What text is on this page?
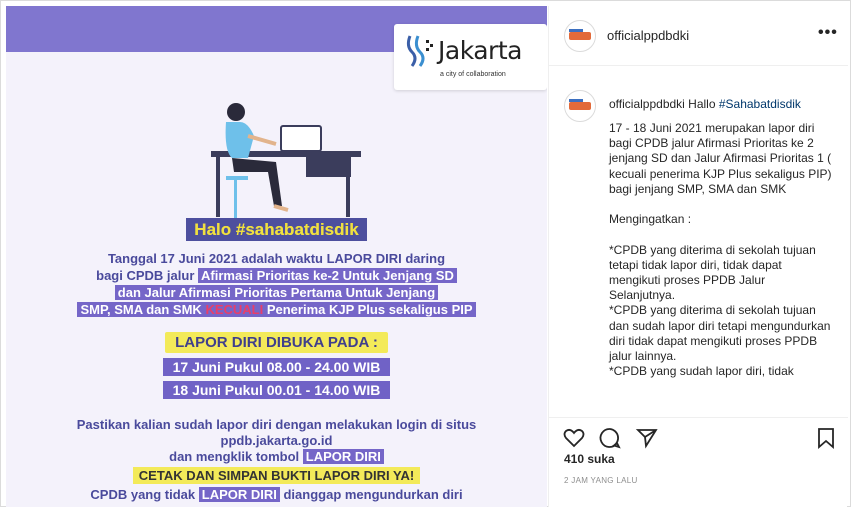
Jakarta
a city of collaboration
Halo #sahabatdisdik
Tanggal 17 Juni 2021 adalah waktu LAPOR DIRI daring
bagi CPDB jalur Afirmasi Prioritas ke-2 Untuk Jenjang SD
dan Jalur Afirmasi Prioritas Pertama Untuk Jenjang
SMP, SMA dan SMK KECUALI Penerima KJP Plus sekaligus PIP
LAPOR DIRI DIBUKA PADA :
17 Juni Pukul 08.00 - 24.00 WIB
18 Juni Pukul 00.01 - 14.00 WIB
Pastikan kalian sudah lapor diri dengan melakukan login di situs
ppdb.jakarta.go.id
dan mengklik tombol LAPOR DIRI
CETAK DAN SIMPAN BUKTI LAPOR DIRI YA!
CPDB yang tidak LAPOR DIRI dianggap mengundurkan diri
officialppdbdki	•••
officialppdbdki Hallo #Sahabatdisdik
17 - 18 Juni 2021 merupakan lapor diri bagi CPDB jalur Afirmasi Prioritas ke 2 jenjang SD dan Jalur Afirmasi Prioritas 1 ( kecuali penerima KJP Plus sekaligus PIP) bagi jenjang SMP, SMA dan SMK

Mengingatkan :

*CPDB yang diterima di sekolah tujuan tetapi tidak lapor diri, tidak dapat mengikuti proses PPDB Jalur Selanjutnya.
*CPDB yang diterima di sekolah tujuan dan sudah lapor diri tetapi mengundurkan diri tidak dapat mengikuti proses PPDB jalur lainnya.
*CPDB yang sudah lapor diri, tidak
410 suka
2 JAM YANG LALU
